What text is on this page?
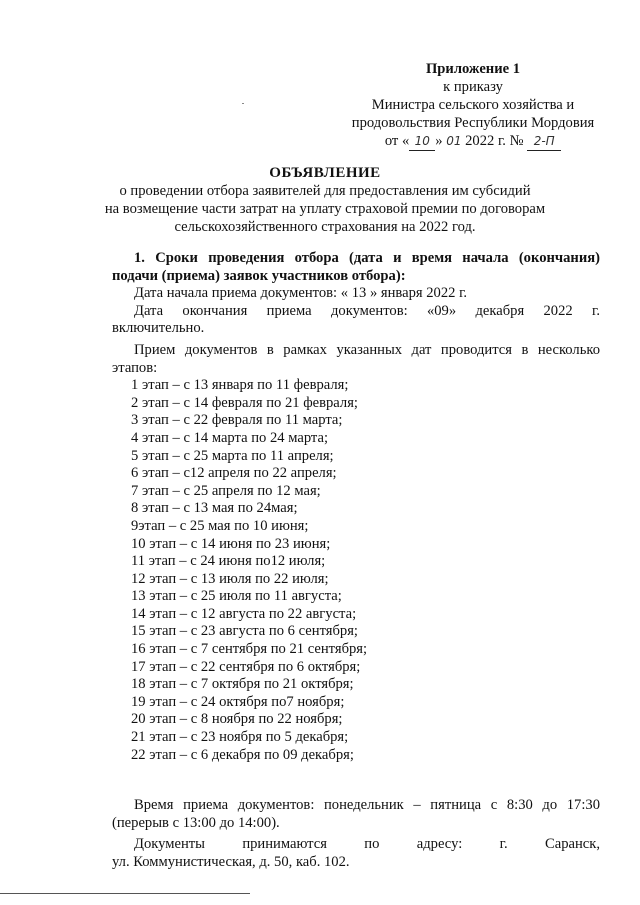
Приложение 1
к приказу
Министра сельского хозяйства и
продовольствия Республики Мордовия
от « 10 » 01 2022 г. № 2-П
ОБЪЯВЛЕНИЕ
о проведении отбора заявителей для предоставления им субсидий
на возмещение части затрат на уплату страховой премии по договорам
сельскохозяйственного страхования на 2022 год.

1. Сроки проведения отбора (дата и время начала (окончания)

подачи (приема) заявок участников отбора):

Дата начала приема документов: « 13 » января 2022 г.

Дата окончания приема документов: «09» декабря 2022 г.

включительно.

Прием документов в рамках указанных дат проводится в несколько

этапов:

1 этап – с 13 января по 11 февраля;
2 этап – с 14 февраля по 21 февраля;
3 этап – с 22 февраля по 11 марта;
4 этап – с 14 марта по 24 марта;
5 этап – с 25 марта по 11 апреля;
6 этап – с12 апреля по 22 апреля;
7 этап – с 25 апреля по 12 мая;
8 этап – с 13 мая по 24мая;
9этап – с 25 мая по 10 июня;
10 этап – с 14 июня по 23 июня;
11 этап – с 24 июня по12 июля;
12 этап – с 13 июля по 22 июля;
13 этап – с 25 июля по 11 августа;
14 этап – с 12 августа по 22 августа;
15 этап – с 23 августа по 6 сентября;
16 этап – с 7 сентября по 21 сентября;
17 этап – с 22 сентября по 6 октября;
18 этап – с 7 октября по 21 октября;
19 этап – с 24 октября по7 ноября;
20 этап – с 8 ноября по 22 ноября;
21 этап – с 23 ноября по 5 декабря;
22 этап – с 6 декабря по 09 декабря;

Время приема документов: понедельник – пятница с 8:30 до 17:30

(перерыв с 13:00 до 14:00).

Документы принимаются по адресу: г. Саранск,

ул. Коммунистическая, д. 50, каб. 102.
